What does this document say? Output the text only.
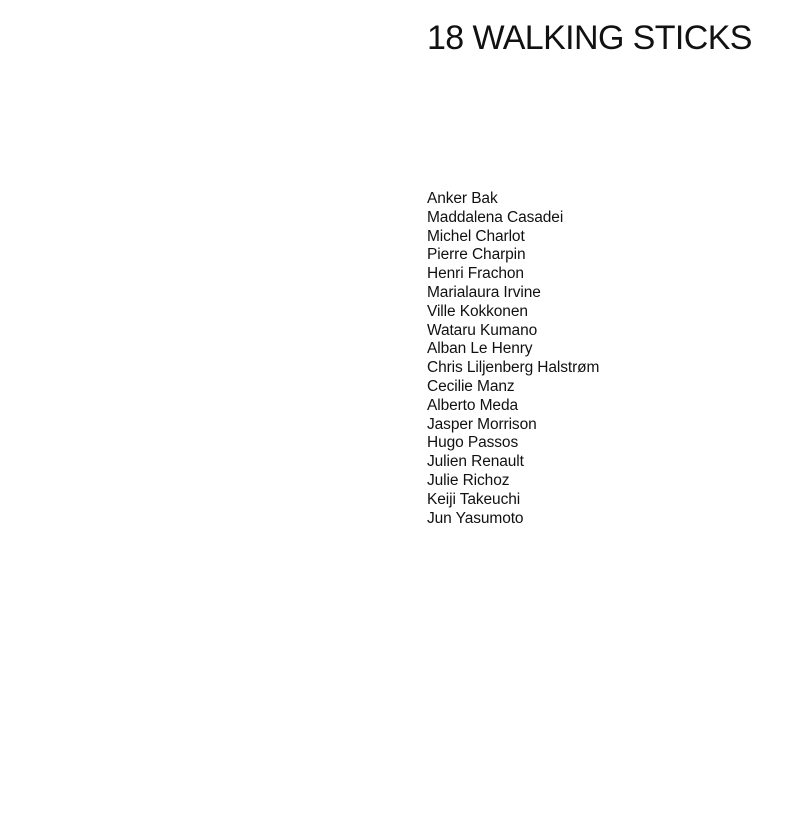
18 WALKING STICKS
Anker Bak
Maddalena Casadei
Michel Charlot
Pierre Charpin
Henri Frachon
Marialaura Irvine
Ville Kokkonen
Wataru Kumano
Alban Le Henry
Chris Liljenberg Halstrøm
Cecilie Manz
Alberto Meda
Jasper Morrison
Hugo Passos
Julien Renault
Julie Richoz
Keiji Takeuchi
Jun Yasumoto
